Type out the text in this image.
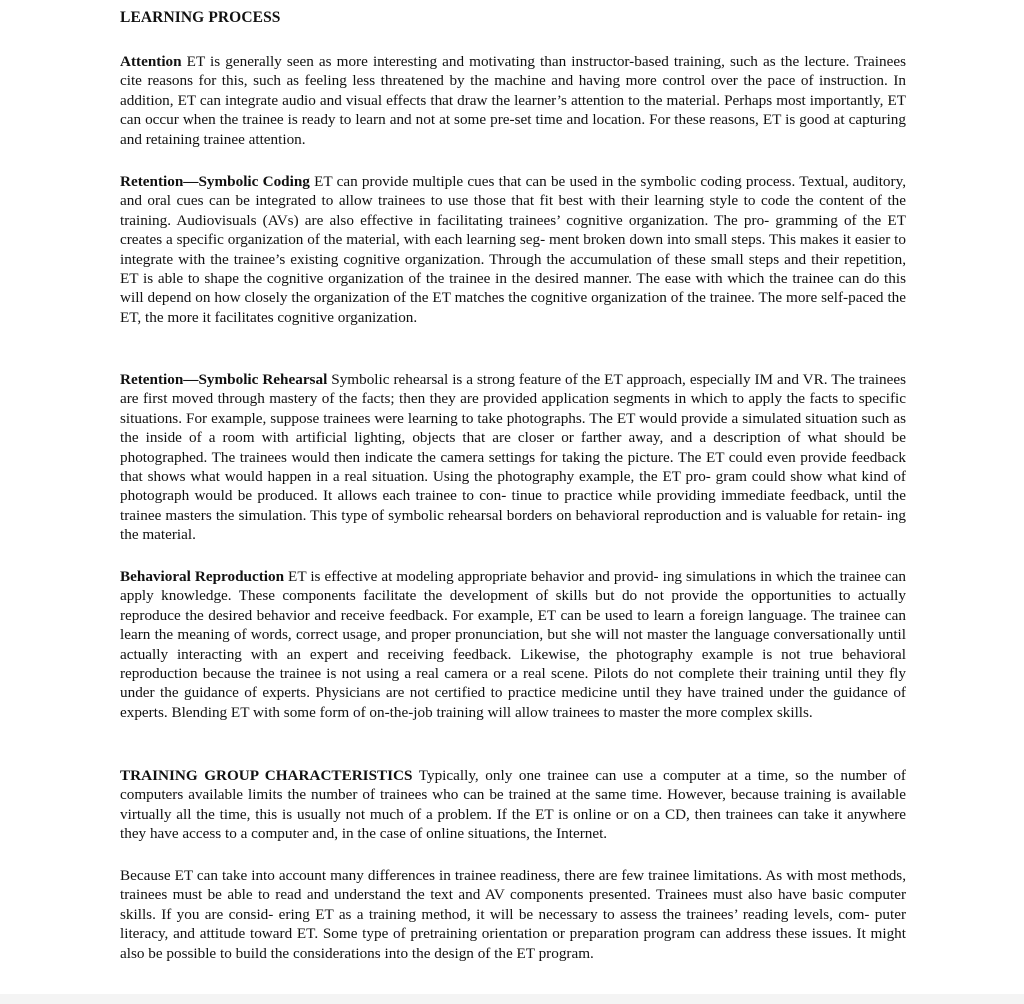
LEARNING PROCESS

Attention ET is generally seen as more interesting and motivating than instructor-based training, such as the lecture. Trainees cite reasons for this, such as feeling less threatened by the machine and having more control over the pace of instruction. In addition, ET can integrate audio and visual effects that draw the learner’s attention to the material. Perhaps most importantly, ET can occur when the trainee is ready to learn and not at some pre-set time and location. For these reasons, ET is good at capturing and retaining trainee attention.

Retention—Symbolic Coding ET can provide multiple cues that can be used in the symbolic coding process. Textual, auditory, and oral cues can be integrated to allow trainees to use those that fit best with their learning style to code the content of the training. Audiovisuals (AVs) are also effective in facilitating trainees’ cognitive organization. The pro- gramming of the ET creates a specific organization of the material, with each learning seg- ment broken down into small steps. This makes it easier to integrate with the trainee’s existing cognitive organization. Through the accumulation of these small steps and their repetition, ET is able to shape the cognitive organization of the trainee in the desired manner. The ease with which the trainee can do this will depend on how closely the organization of the ET matches the cognitive organization of the trainee. The more self-paced the ET, the more it facilitates cognitive organization.

Retention—Symbolic Rehearsal Symbolic rehearsal is a strong feature of the ET approach, especially IM and VR. The trainees are first moved through mastery of the facts; then they are provided application segments in which to apply the facts to specific situations. For example, suppose trainees were learning to take photographs. The ET would provide a simulated situation such as the inside of a room with artificial lighting, objects that are closer or farther away, and a description of what should be photographed. The trainees would then indicate the camera settings for taking the picture. The ET could even provide feedback that shows what would happen in a real situation. Using the photography example, the ET pro- gram could show what kind of photograph would be produced. It allows each trainee to con- tinue to practice while providing immediate feedback, until the trainee masters the simulation. This type of symbolic rehearsal borders on behavioral reproduction and is valuable for retain- ing the material.

Behavioral Reproduction ET is effective at modeling appropriate behavior and provid- ing simulations in which the trainee can apply knowledge. These components facilitate the development of skills but do not provide the opportunities to actually reproduce the desired behavior and receive feedback. For example, ET can be used to learn a foreign language. The trainee can learn the meaning of words, correct usage, and proper pronunciation, but she will not master the language conversationally until actually interacting with an expert and receiving feedback. Likewise, the photography example is not true behavioral reproduction because the trainee is not using a real camera or a real scene. Pilots do not complete their training until they fly under the guidance of experts. Physicians are not certified to practice medicine until they have trained under the guidance of experts. Blending ET with some form of on-the-job training will allow trainees to master the more complex skills.

TRAINING GROUP CHARACTERISTICS Typically, only one trainee can use a computer at a time, so the number of computers available limits the number of trainees who can be trained at the same time. However, because training is available virtually all the time, this is usually not much of a problem. If the ET is online or on a CD, then trainees can take it anywhere they have access to a computer and, in the case of online situations, the Internet.

Because ET can take into account many differences in trainee readiness, there are few trainee limitations. As with most methods, trainees must be able to read and understand the text and AV components presented. Trainees must also have basic computer skills. If you are consid- ering ET as a training method, it will be necessary to assess the trainees’ reading levels, com- puter literacy, and attitude toward ET. Some type of pretraining orientation or preparation program can address these issues. It might also be possible to build the considerations into the design of the ET program.
